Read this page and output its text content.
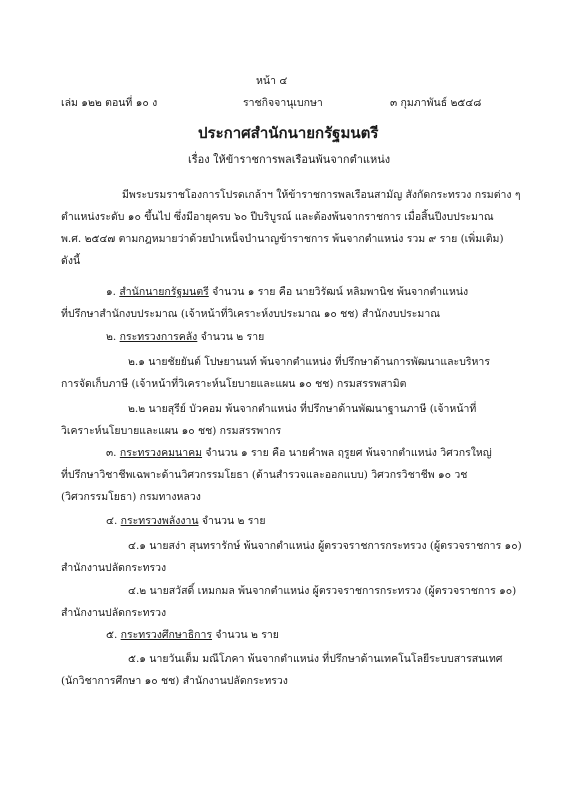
หน้า ๔
เล่ม ๑๒๒ ตอนที่ ๑๐ ง	ราชกิจจานุเบกษา	๓ กุมภาพันธ์ ๒๕๔๘
ประกาศสำนักนายกรัฐมนตรี
เรื่อง ให้ข้าราชการพลเรือนพ้นจากตำแหน่ง
มีพระบรมราชโองการโปรดเกล้าฯ ให้ข้าราชการพลเรือนสามัญ สังกัดกระทรวง กรมต่าง ๆ
ตำแหน่งระดับ ๑๐ ขึ้นไป ซึ่งมีอายุครบ ๖๐ ปีบริบูรณ์ และต้องพ้นจากราชการ เมื่อสิ้นปีงบประมาณ
พ.ศ. ๒๕๔๗ ตามกฎหมายว่าด้วยบำเหน็จบำนาญข้าราชการ พ้นจากตำแหน่ง รวม ๙ ราย (เพิ่มเติม)
ดังนี้
๑. สำนักนายกรัฐมนตรี จำนวน ๑ ราย คือ นายวิรัฒน์ หลิมพานิช พ้นจากตำแหน่ง
ที่ปรึกษาสำนักงบประมาณ (เจ้าหน้าที่วิเคราะห์งบประมาณ ๑๐ ชช) สำนักงบประมาณ
๒. กระทรวงการคลัง จำนวน ๒ ราย
๒.๑ นายชัยยันต์ โปษยานนท์ พ้นจากตำแหน่ง ที่ปรึกษาด้านการพัฒนาและบริหาร
การจัดเก็บภาษี (เจ้าหน้าที่วิเคราะห์นโยบายและแผน ๑๐ ชช) กรมสรรพสามิต
๒.๒ นายสุรีย์ บัวคอม พ้นจากตำแหน่ง ที่ปรึกษาด้านพัฒนาฐานภาษี (เจ้าหน้าที่
วิเคราะห์นโยบายและแผน ๑๐ ชช) กรมสรรพากร
๓. กระทรวงคมนาคม จำนวน ๑ ราย คือ นายคำพล ฤรูยศ พ้นจากตำแหน่ง วิศวกรใหญ่
ที่ปรึกษาวิชาชีพเฉพาะด้านวิศวกรรมโยธา (ด้านสำรวจและออกแบบ) วิศวกรวิชาชีพ ๑๐ วช
(วิศวกรรมโยธา) กรมทางหลวง
๔. กระทรวงพลังงาน จำนวน ๒ ราย
๔.๑ นายสง่า สุนทรารักษ์ พ้นจากตำแหน่ง ผู้ตรวจราชการกระทรวง (ผู้ตรวจราชการ ๑๐)
สำนักงานปลัดกระทรวง
๔.๒ นายสวัสดิ์ เหมกมล พ้นจากตำแหน่ง ผู้ตรวจราชการกระทรวง (ผู้ตรวจราชการ ๑๐)
สำนักงานปลัดกระทรวง
๕. กระทรวงศึกษาธิการ จำนวน ๒ ราย
๕.๑ นายวันเต็ม มณีโภคา พ้นจากตำแหน่ง ที่ปรึกษาด้านเทคโนโลยีระบบสารสนเทศ
(นักวิชาการศึกษา ๑๐ ชช) สำนักงานปลัดกระทรวง
